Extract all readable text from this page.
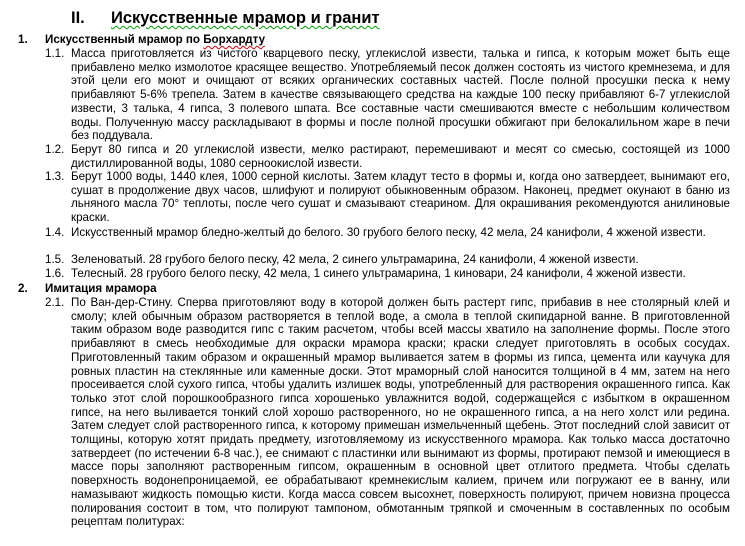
II. Искусственные мрамор и гранит
1. Искусственный мрамор по Борхардту
1.1. Масса приготовляется из чистого кварцевого песку, углекислой извести, талька и гипса, к которым может быть еще прибавлено мелко измолотое красящее вещество. Употребляемый песок должен состоять из чистого кремнезема, и для этой цели его моют и очищают от всяких органических составных частей. После полной просушки песка к нему прибавляют 5-6% трепела. Затем в качестве связывающего средства на каждые 100 песку прибавляют 6-7 углекислой извести, 3 талька, 4 гипса, 3 полевого шпата. Все составные части смешиваются вместе с небольшим количеством воды. Полученную массу раскладывают в формы и после полной просушки обжигают при белокалильном жаре в печи без поддувала.
1.2. Берут 80 гипса и 20 углекислой извести, мелко растирают, перемешивают и месят со смесью, состоящей из 1000 дистиллированной воды, 1080 серноокислой извести.
1.3. Берут 1000 воды, 1440 клея, 1000 серной кислоты. Затем кладут тесто в формы и, когда оно затвердеет, вынимают его, сушат в продолжение двух часов, шлифуют и полируют обыкновенным образом. Наконец, предмет окунают в баню из льняного масла 70° теплоты, после чего сушат и смазывают стеарином. Для окрашивания рекомендуются анилиновые краски.
1.4. Искусственный мрамор бледно-желтый до белого. 30 грубого белого песку, 42 мела, 24 канифоли, 4 жженой извести.
1.5. Зеленоватый. 28 грубого белого песку, 42 мела, 2 синего ультрамарина, 24 канифоли, 4 жженой извести.
1.6. Телесный. 28 грубого белого песку, 42 мела, 1 синего ультрамарина, 1 киновари, 24 канифоли, 4 жженой извести.
2. Имитация мрамора
2.1. По Ван-дер-Стину. Сперва приготовляют воду в которой должен быть растерт гипс, прибавив в нее столярный клей и смолу; клей обычным образом растворяется в теплой воде, а смола в теплой скипидарной ванне. В приготовленной таким образом воде разводится гипс с таким расчетом, чтобы всей массы хватило на заполнение формы. После этого прибавляют в смесь необходимые для окраски мрамора краски; краски следует приготовлять в особых сосудах. Приготовленный таким образом и окрашенный мрамор выливается затем в формы из гипса, цемента или каучука для ровных пластин на стеклянные или каменные доски. Этот мраморный слой наносится толщиной в 4 мм, затем на него просеивается слой сухого гипса, чтобы удалить излишек воды, употребленный для растворения окрашенного гипса. Как только этот слой порошкообразного гипса хорошенько увлажнится водой, содержащейся с избытком в окрашенном гипсе, на него выливается тонкий слой хорошо растворенного, но не окрашенного гипса, а на него холст или редина. Затем следует слой растворенного гипса, к которому примешан измельченный щебень. Этот последний слой зависит от толщины, которую хотят придать предмету, изготовляемому из искусственного мрамора. Как только масса достаточно затвердеет (по истечении 6-8 час.), ее снимают с пластинки или вынимают из формы, протирают пемзой и имеющиеся в массе поры заполняют растворенным гипсом, окрашенным в основной цвет отлитого предмета. Чтобы сделать поверхность водонепроницаемой, ее обрабатывают кремнекислым калием, причем или погружают ее в ванну, или намазывают жидкость помощью кисти. Когда масса совсем высохнет, поверхность полируют, причем новизна процесса полирования состоит в том, что полируют тампоном, обмотанным тряпкой и смоченным в составленных по особым рецептам политурах:
